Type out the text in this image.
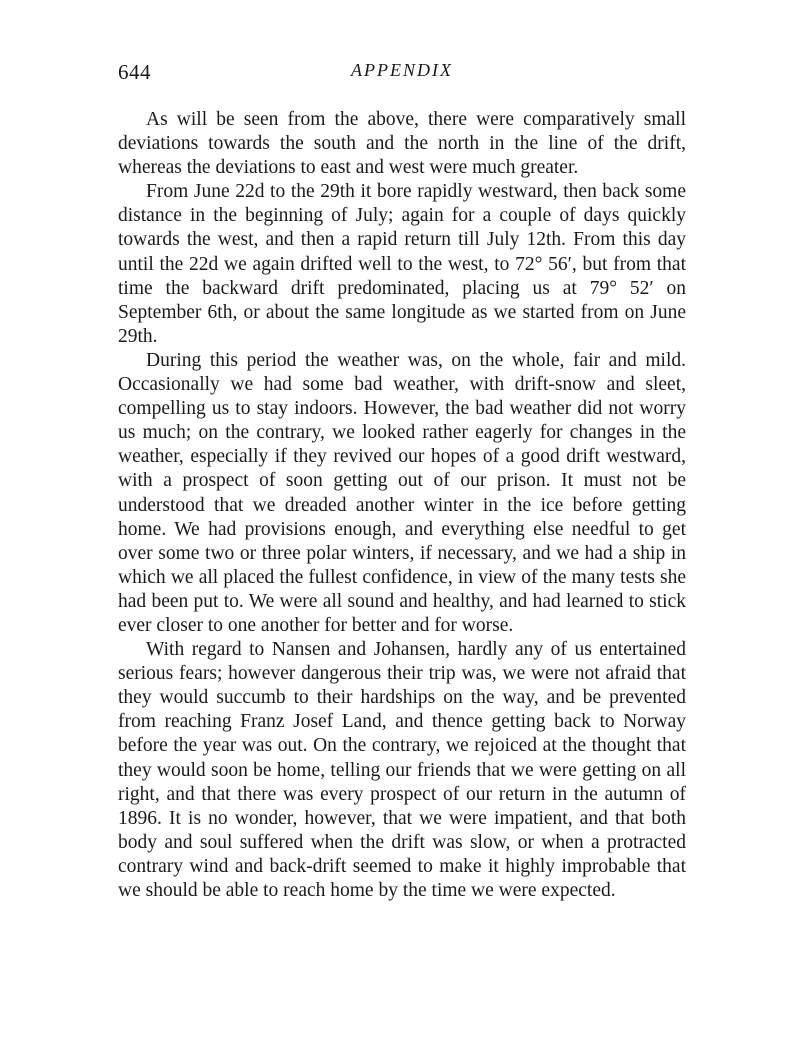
644	APPENDIX

As will be seen from the above, there were comparatively small deviations towards the south and the north in the line of the drift, whereas the deviations to east and west were much greater.

From June 22d to the 29th it bore rapidly westward, then back some distance in the beginning of July; again for a couple of days quickly towards the west, and then a rapid return till July 12th. From this day until the 22d we again drifted well to the west, to 72° 56′, but from that time the backward drift predominated, placing us at 79° 52′ on September 6th, or about the same longitude as we started from on June 29th.

During this period the weather was, on the whole, fair and mild. Occasionally we had some bad weather, with drift-snow and sleet, compelling us to stay indoors. However, the bad weather did not worry us much; on the contrary, we looked rather eagerly for changes in the weather, especially if they revived our hopes of a good drift westward, with a prospect of soon getting out of our prison. It must not be understood that we dreaded another winter in the ice before getting home. We had provisions enough, and everything else needful to get over some two or three polar winters, if necessary, and we had a ship in which we all placed the fullest confidence, in view of the many tests she had been put to. We were all sound and healthy, and had learned to stick ever closer to one another for better and for worse.

With regard to Nansen and Johansen, hardly any of us entertained serious fears; however dangerous their trip was, we were not afraid that they would succumb to their hardships on the way, and be prevented from reaching Franz Josef Land, and thence getting back to Norway before the year was out. On the contrary, we rejoiced at the thought that they would soon be home, telling our friends that we were getting on all right, and that there was every prospect of our return in the autumn of 1896. It is no wonder, however, that we were impatient, and that both body and soul suffered when the drift was slow, or when a protracted contrary wind and back-drift seemed to make it highly improbable that we should be able to reach home by the time we were expected.
